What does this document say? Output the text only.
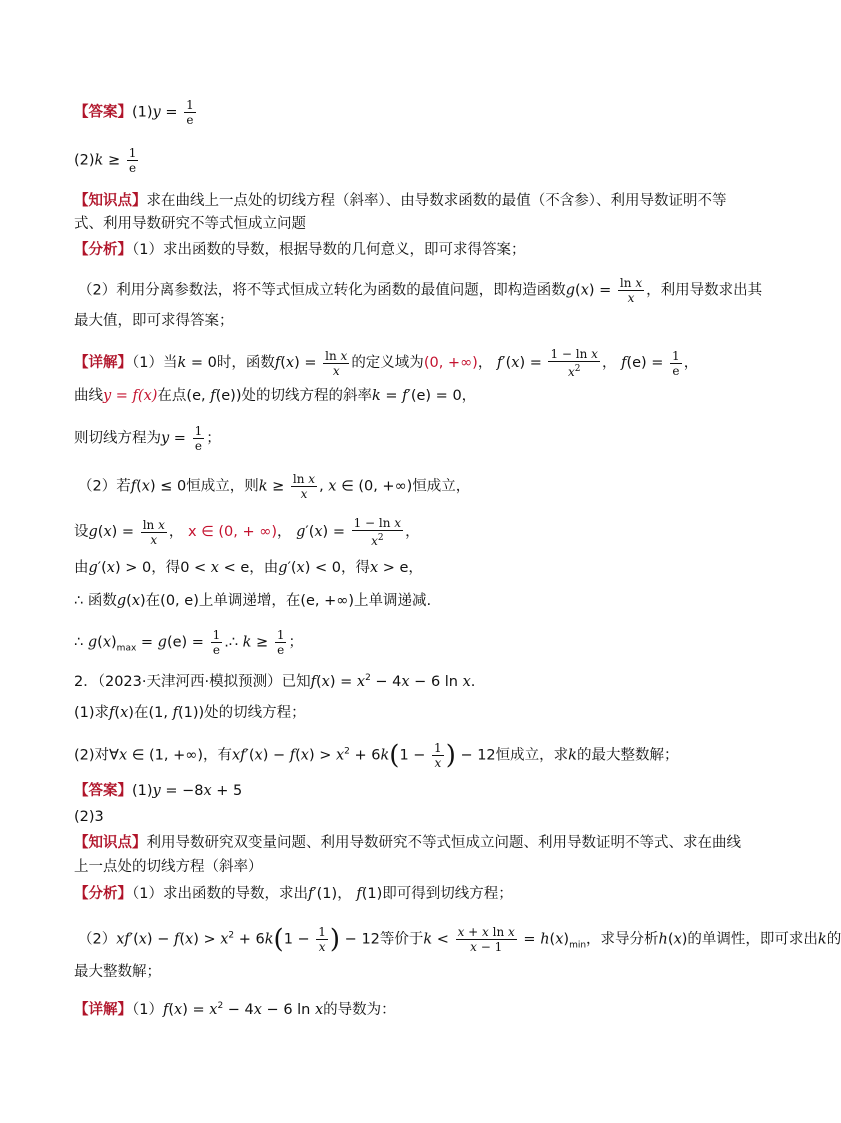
【答案】$(1)y = \frac{1}{e}$
$(2)k \ge \frac{1}{e}$
【知识点】求在曲线上一点处的切线方程（斜率）、由导数求函数的最值（不含参）、利用导数证明不等
式、利用导数研究不等式恒成立问题
【分析】（1）求出函数的导数，根据导数的几何意义，即可求得答案；
（2）利用分离参数法，将不等式恒成立转化为函数的最值问题，即构造函数$g(x) = \frac{\text{ln x}}{x}$ ，利用导数求出其
最大值，即可求得答案；
【详解】（1）当k = 0时，函数$f(x) = \frac{\text{ln x}}{x}$ 的定义域为(0, +∞)， $f'(x) = \frac{\text{1 − ln x}}{x^2}$ ， $f(e) = \frac{1}{e}$ ，
曲线y = f(x)在点(e, f(e))处的切线方程的斜率k = f′(e) = 0，
则切线方程为$y = \frac{1}{e}$ ；
（2）若f(x) ≤ 0恒成立，则$k \ge \frac{\text{ln x}}{x}$ , x ∈ (0, +∞)恒成立，
设$g(x) = \frac{\text{ln x}}{x}$ ， x ∈ (0, + ∞)， $g'(x) = \frac{\text{1 − ln x}}{x^2}$ ，
由g′(x) > 0，得0 < x < e，由g′(x) < 0，得x > e，
∴ 函数g(x)在(0, e)上单调递增，在(e, +∞)上单调递减.
∴ $g(x)_{max} = g(e) = \frac{1}{e}$ .∴ $k \ge \frac{1}{e}$ ；
2．（2023·天津河西·模拟预测）已知$f(x) = x^2 - 4x - 6$ ln x.
(1)求f(x)在(1, f(1))处的切线方程；
(2)对∀x ∈ (1, +∞)，有$xf'(x) - f(x) > x^2 + 6k(1 - \frac{1}{x}$ ) − 12恒成立，求k的最大整数解；
【答案】(1)y = −8x + 5
(2)3
【知识点】利用导数研究双变量问题、利用导数研究不等式恒成立问题、利用导数证明不等式、求在曲线
上一点处的切线方程（斜率）
【分析】（1）求出函数的导数，求出f′(1)， f(1)即可得到切线方程；
$(2)xf'(x) - f(x) > x^2 + 6k(1 - \frac{1}{x}$ ) − 12等价于$k < \frac{\text{x + x ln x}}{x - 1} = h(x)_{min}$，求导分析h(x)的单调性，即可求出k的
最大整数解；
【详解】$(1)f(x) = x^2 - 4x - 6$ ln x的导数为：
